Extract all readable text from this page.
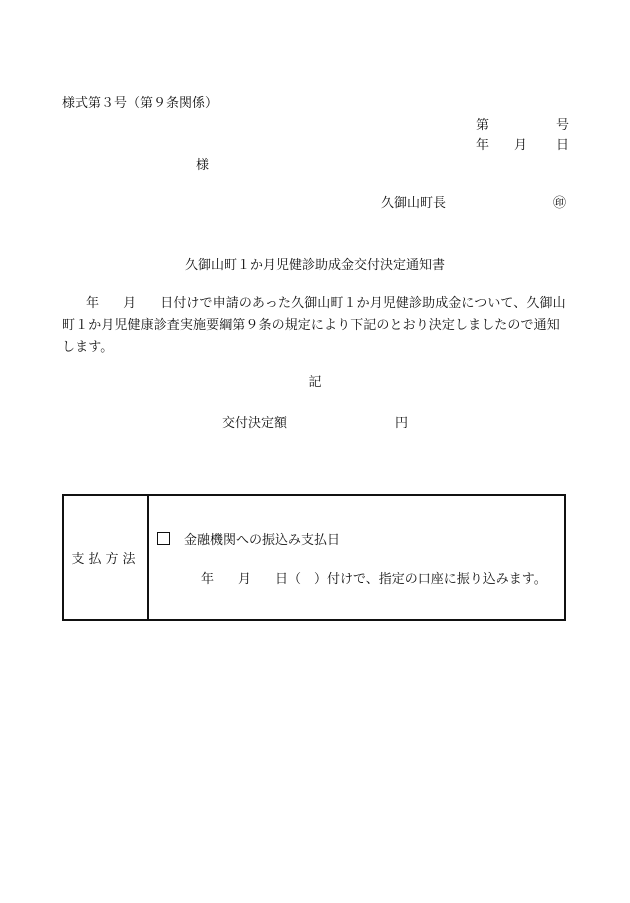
様式第３号（第９条関係）
第	号
年 月 日
様
久御山町長	㊞
久御山町１か月児健診助成金交付決定通知書
年 月 日付けで申請のあった久御山町１か月児健診助成金について、久御山町１か月児健康診査実施要綱第９条の規定により下記のとおり決定しましたので通知します。
記
交付決定額	円
支払方法
金融機関への振込み支払日
年 月 日（　）付けで、指定の口座に振り込みます。
